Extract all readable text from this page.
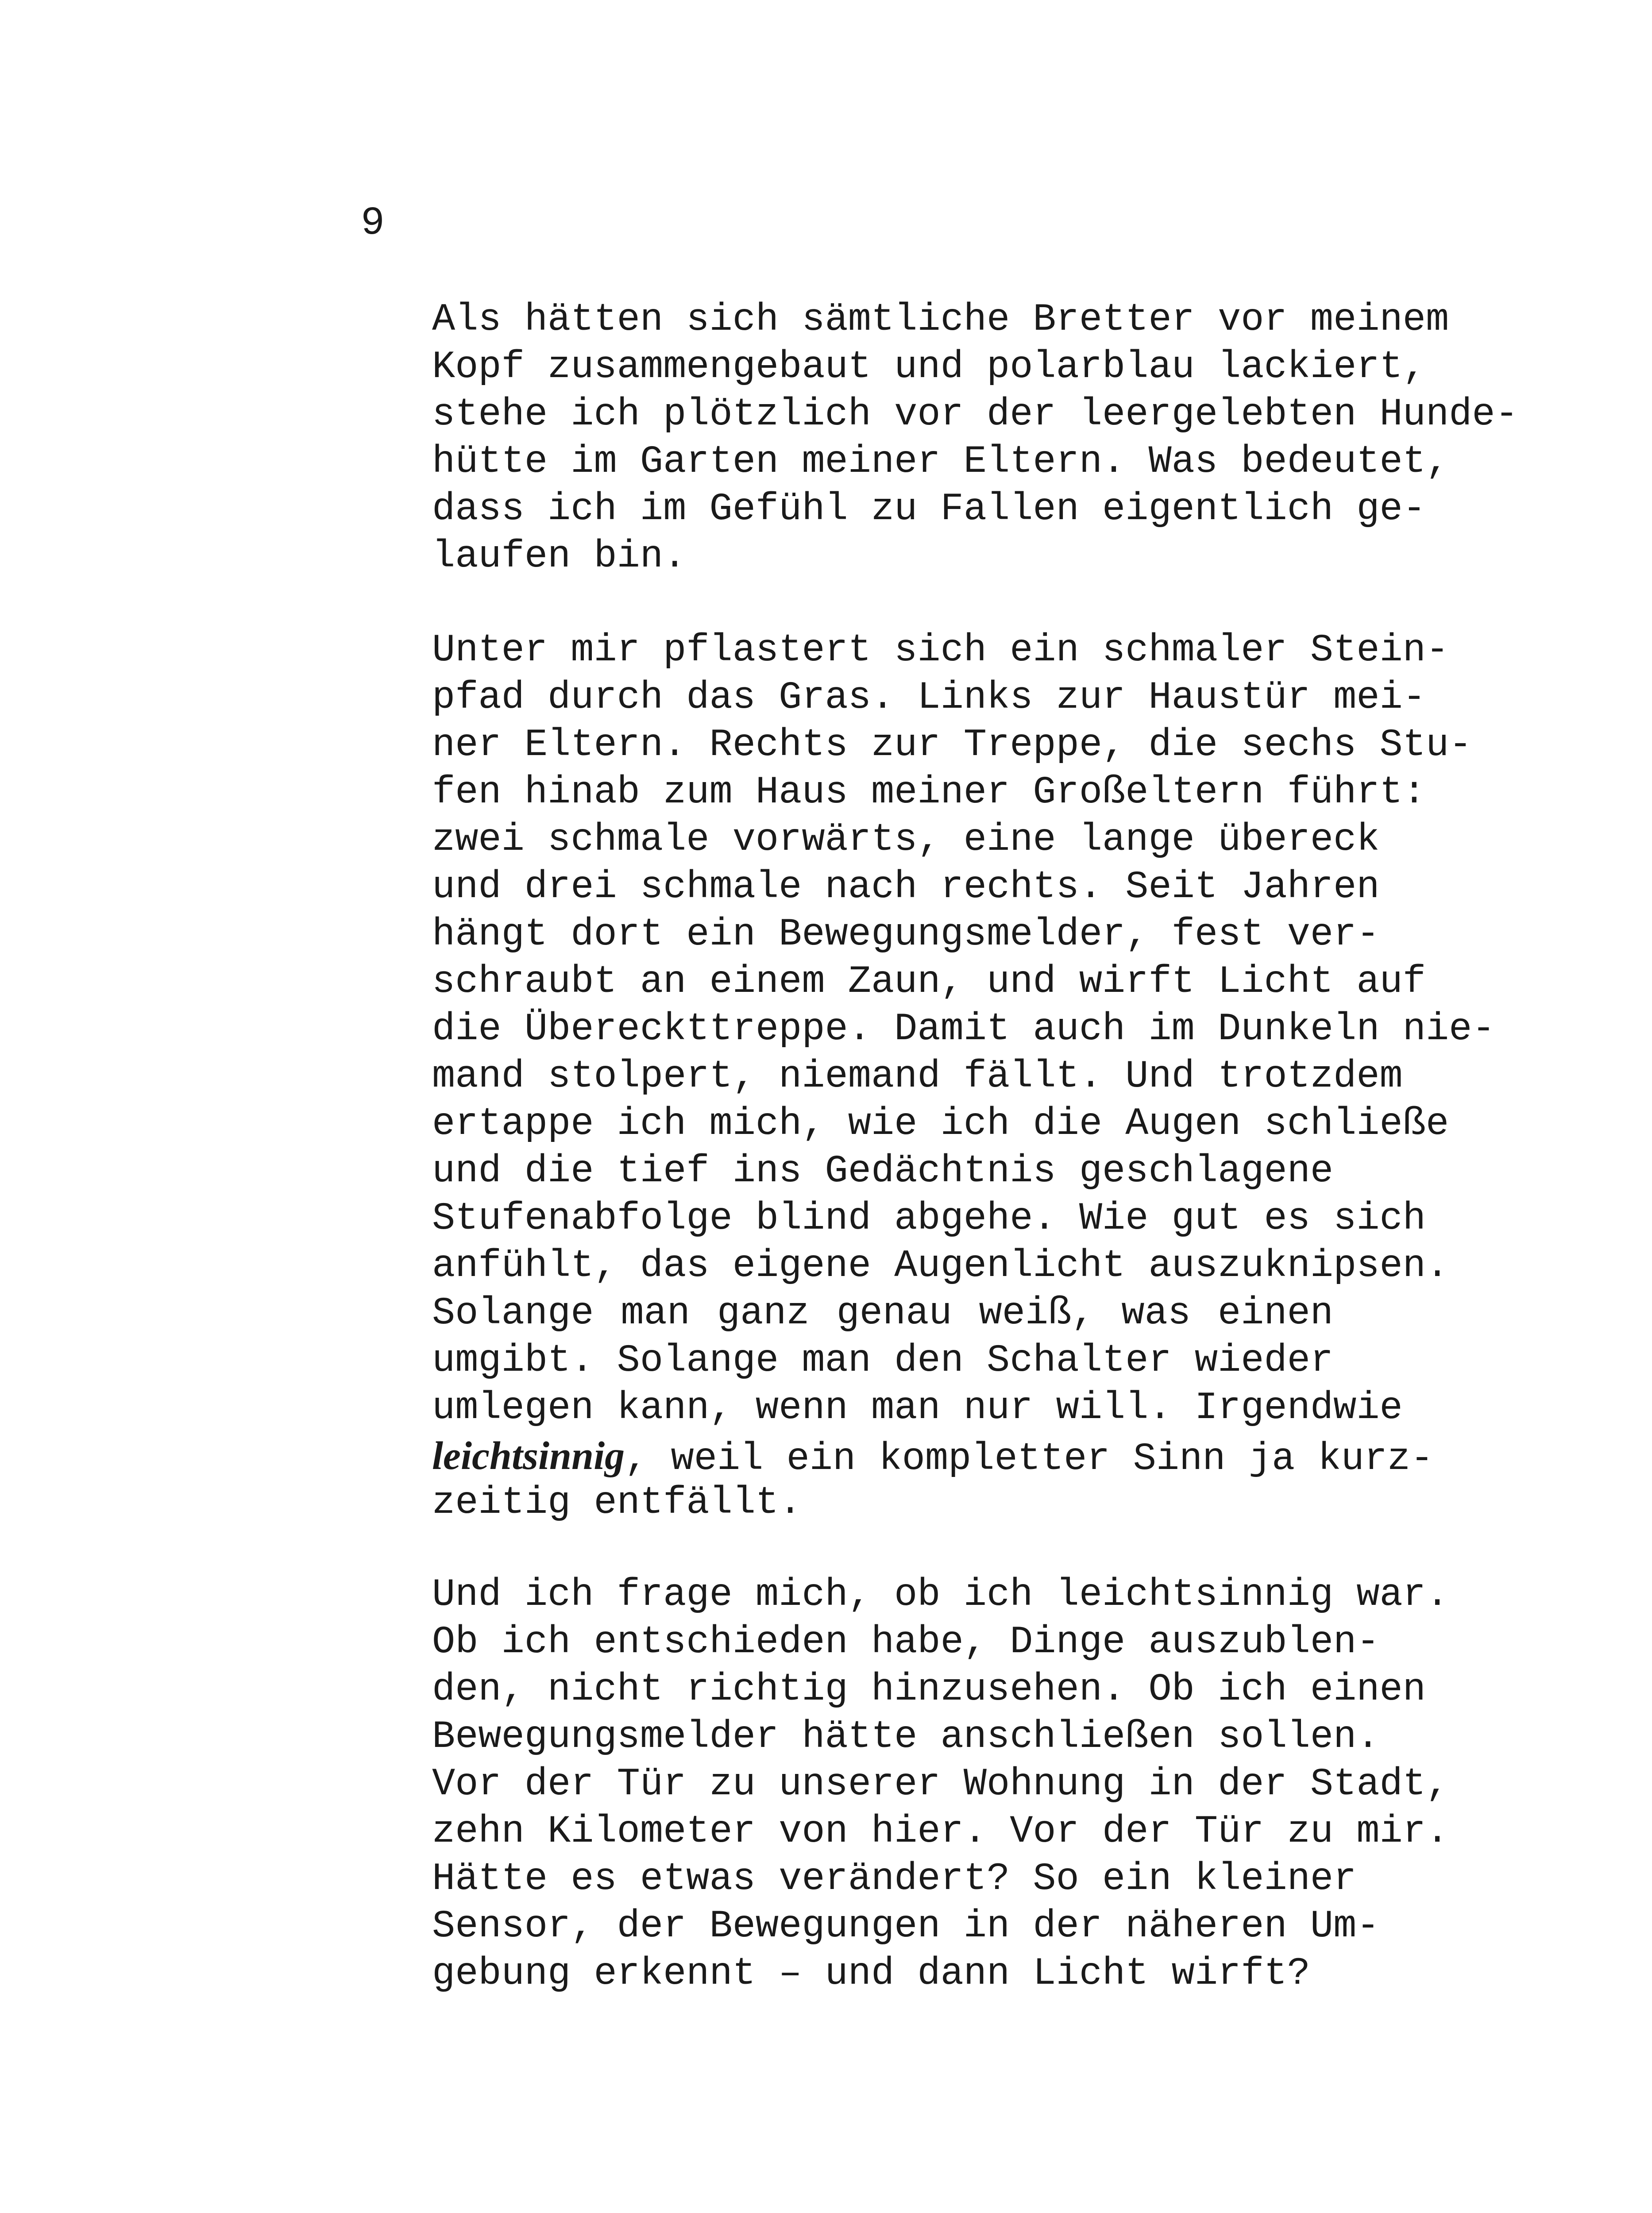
9
Als hätten sich sämtliche Bretter vor meinem
Kopf zusammengebaut und polarblau lackiert,
stehe ich plötzlich vor der leergelebten Hunde-
hütte im Garten meiner Eltern. Was bedeutet,
dass ich im Gefühl zu Fallen eigentlich ge-
laufen bin.
Unter mir pflastert sich ein schmaler Stein-
pfad durch das Gras. Links zur Haustür mei-
ner Eltern. Rechts zur Treppe, die sechs Stu-
fen hinab zum Haus meiner Großeltern führt:
zwei schmale vorwärts, eine lange übereck
und drei schmale nach rechts. Seit Jahren
hängt dort ein Bewegungsmelder, fest ver-
schraubt an einem Zaun, und wirft Licht auf
die Übereckttreppe. Damit auch im Dunkeln nie-
mand stolpert, niemand fällt. Und trotzdem
ertappe ich mich, wie ich die Augen schließe
und die tief ins Gedächtnis geschlagene
Stufenabfolge blind abgehe. Wie gut es sich
anfühlt, das eigene Augenlicht auszuknipsen.
Solange man ganz genau weiß, was einen
umgibt. Solange man den Schalter wieder
umlegen kann, wenn man nur will. Irgendwie
leichtsinnig, weil ein kompletter Sinn ja kurz-
zeitig entfällt.
Und ich frage mich, ob ich leichtsinnig war.
Ob ich entschieden habe, Dinge auszublen-
den, nicht richtig hinzusehen. Ob ich einen
Bewegungsmelder hätte anschließen sollen.
Vor der Tür zu unserer Wohnung in der Stadt,
zehn Kilometer von hier. Vor der Tür zu mir.
Hätte es etwas verändert? So ein kleiner
Sensor, der Bewegungen in der näheren Um-
gebung erkennt – und dann Licht wirft?
